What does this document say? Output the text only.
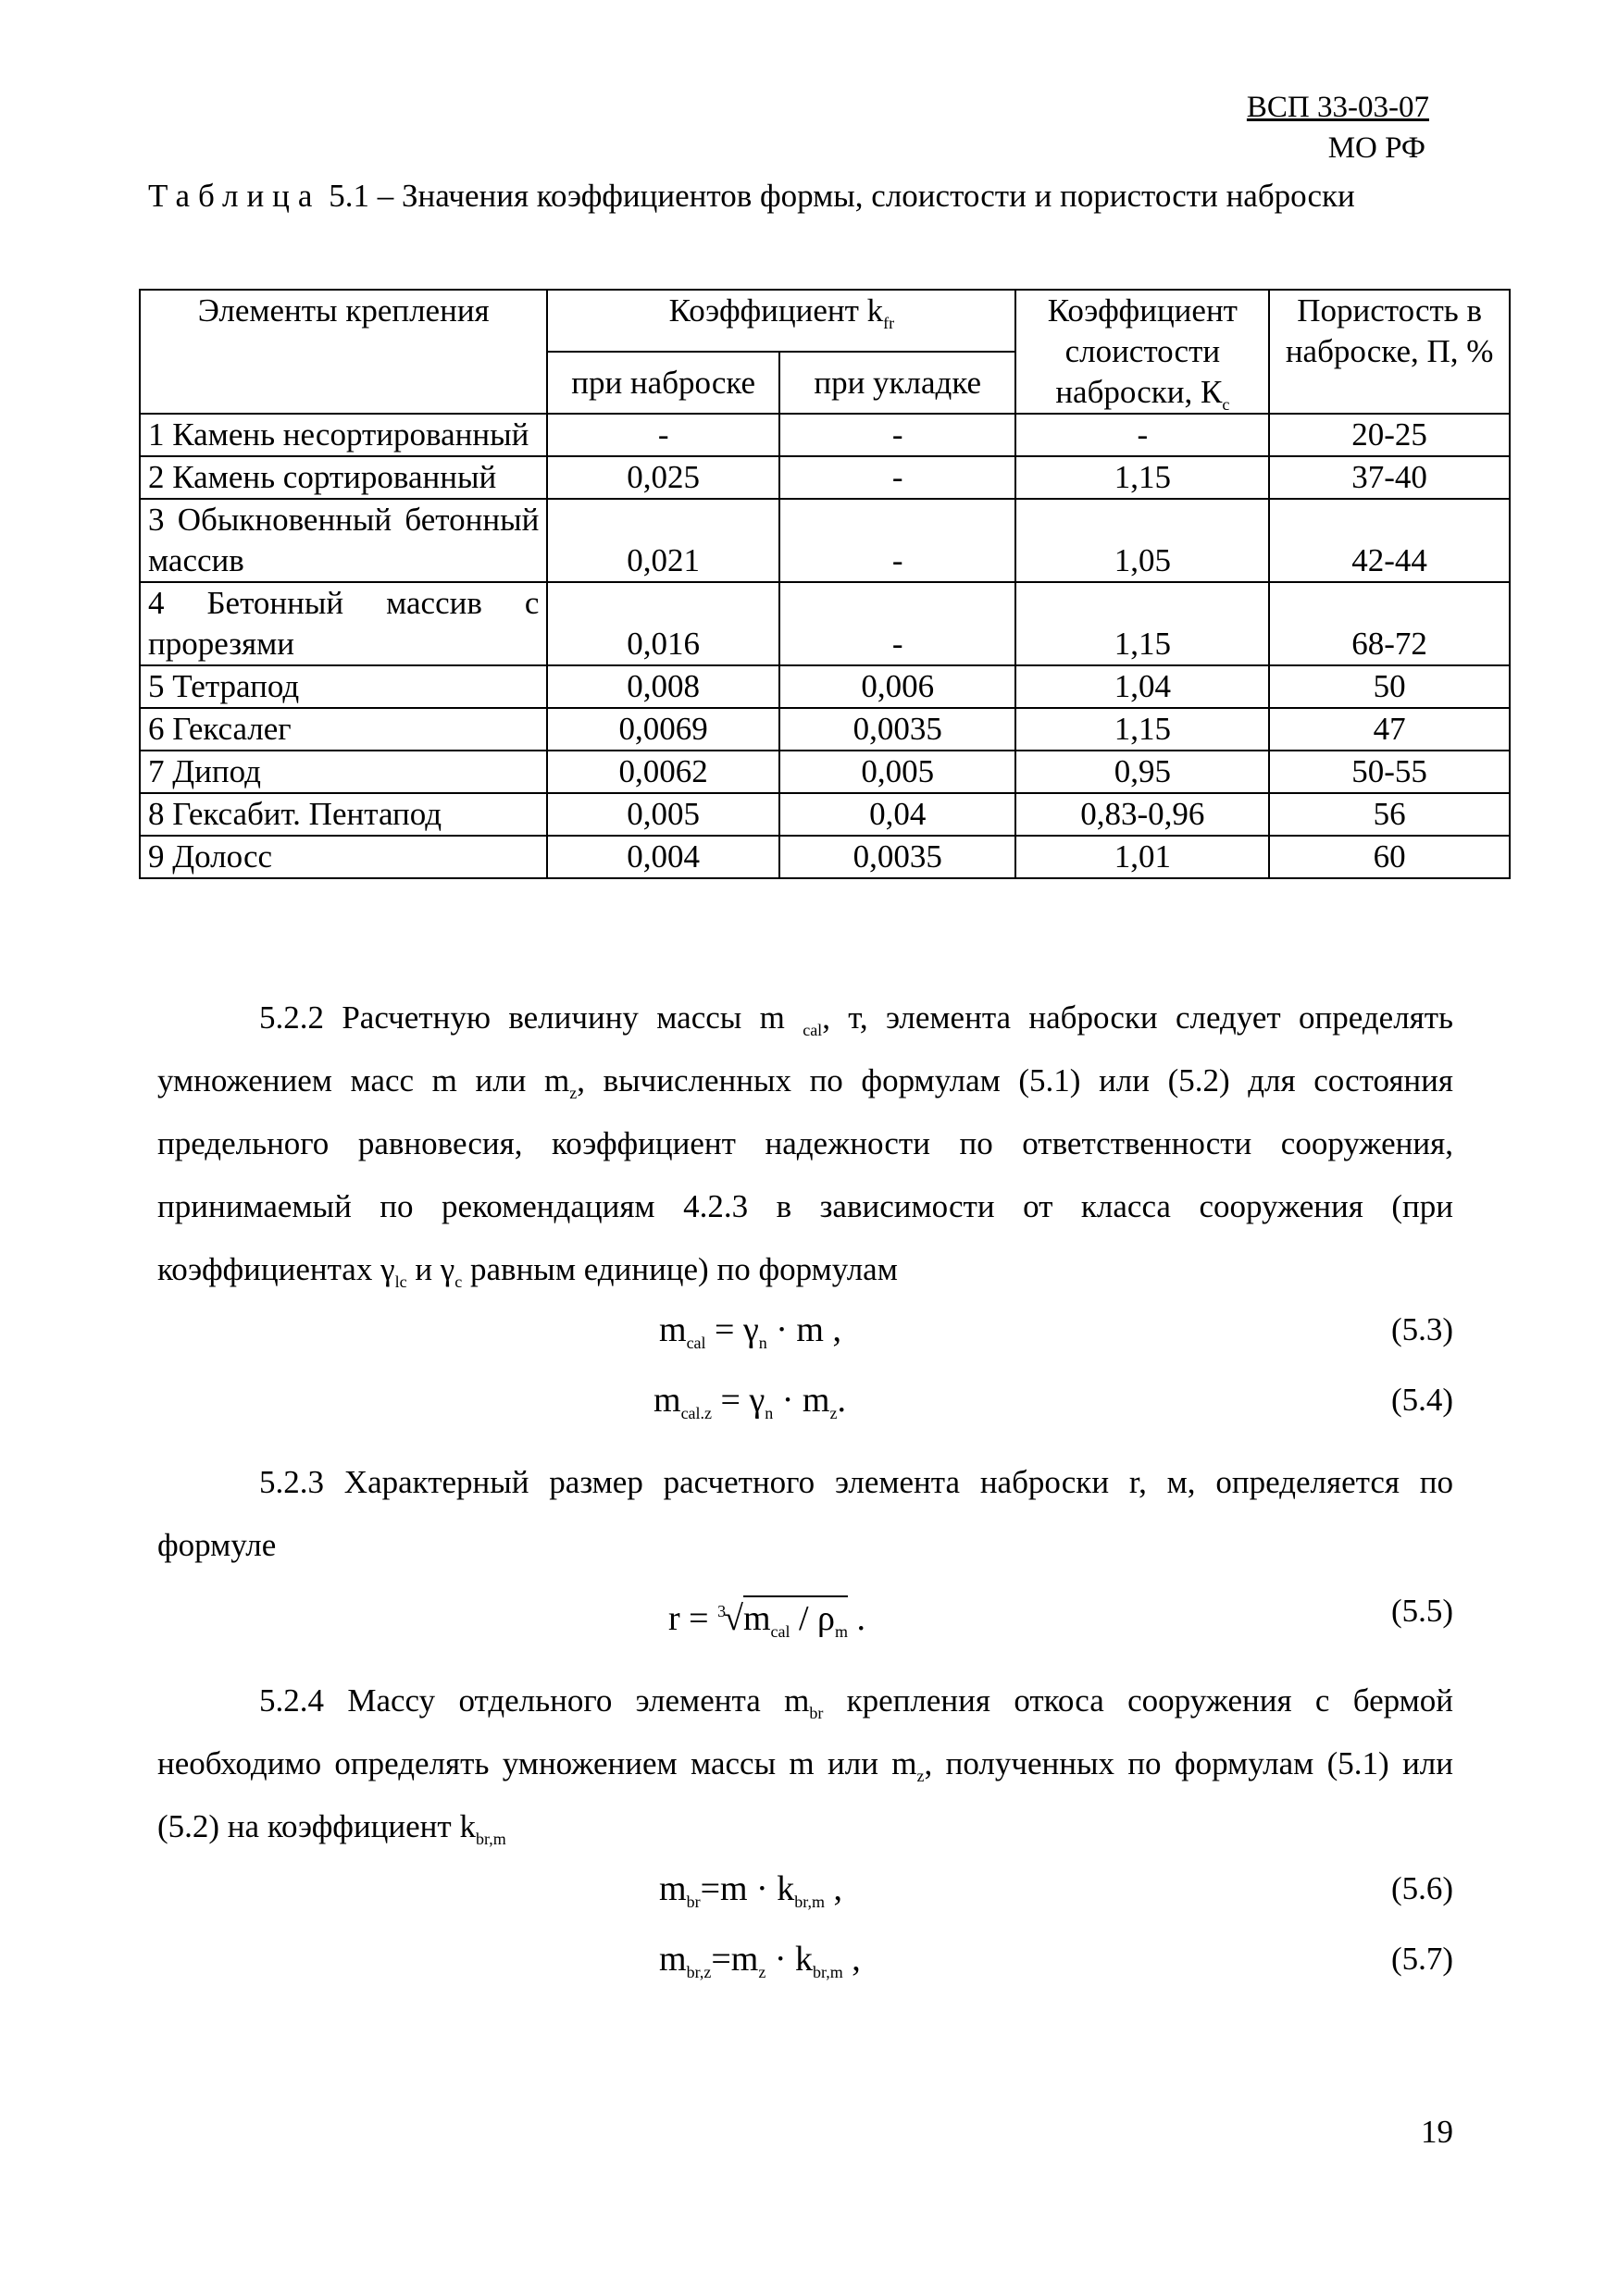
ВСП 33-03-07
МО РФ
Таблица 5.1 – Значения коэффициентов формы, слоистости и пористости наброски
Элементы крепления	Коэффициент $k_{fr}$		Коэффициент слоистости наброски, $К_c$	Пористость в наброске, П, %
	при наброске	при укладке		
1 Камень несортированный	-	-	-	20-25
2 Камень сортированный	0,025	-	1,15	37-40
3 Обыкновенный бетонный массив	0,021	-	1,05	42-44
4 Бетонный массив с прорезями	0,016	-	1,15	68-72
5 Тетрапод	0,008	0,006	1,04	50
6 Гексалег	0,0069	0,0035	1,15	47
7 Дипод	0,0062	0,005	0,95	50-55
8 Гексабит. Пентапод	0,005	0,04	0,83-0,96	56
9 Долосс	0,004	0,0035	1,01	60
5.2.2 Расчетную величину массы m $_{cal}$, т, элемента наброски следует определять умножением масс m или $m_z$, вычисленных по формулам (5.1) или (5.2) для состояния предельного равновесия, коэффициент надежности по ответственности сооружения, принимаемый по рекомендациям 4.2.3 в зависимости от класса сооружения (при коэффициентах $\gamma_{lc}$ и $\gamma_c$ равным единице) по формулам
$m_{cal} = \gamma_n \cdot m$ ,	(5.3)
$m_{cal.z} = \gamma_n \cdot m_z$.	(5.4)
5.2.3 Характерный размер расчетного элемента наброски r, м, определяется по формуле
$r = ^3√m_{cal} / \rho_m$ .	(5.5)
5.2.4 Массу отдельного элемента $m_{br}$ крепления откоса сооружения с бермой необходимо определять умножением массы m или $m_z$, полученных по формулам (5.1) или (5.2) на коэффициент $k_{br,m}$
$m_{br}=m \cdot k_{br,m}$ ,	(5.6)
$m_{br,z}=m_z \cdot k_{br,m}$ ,	(5.7)
19
